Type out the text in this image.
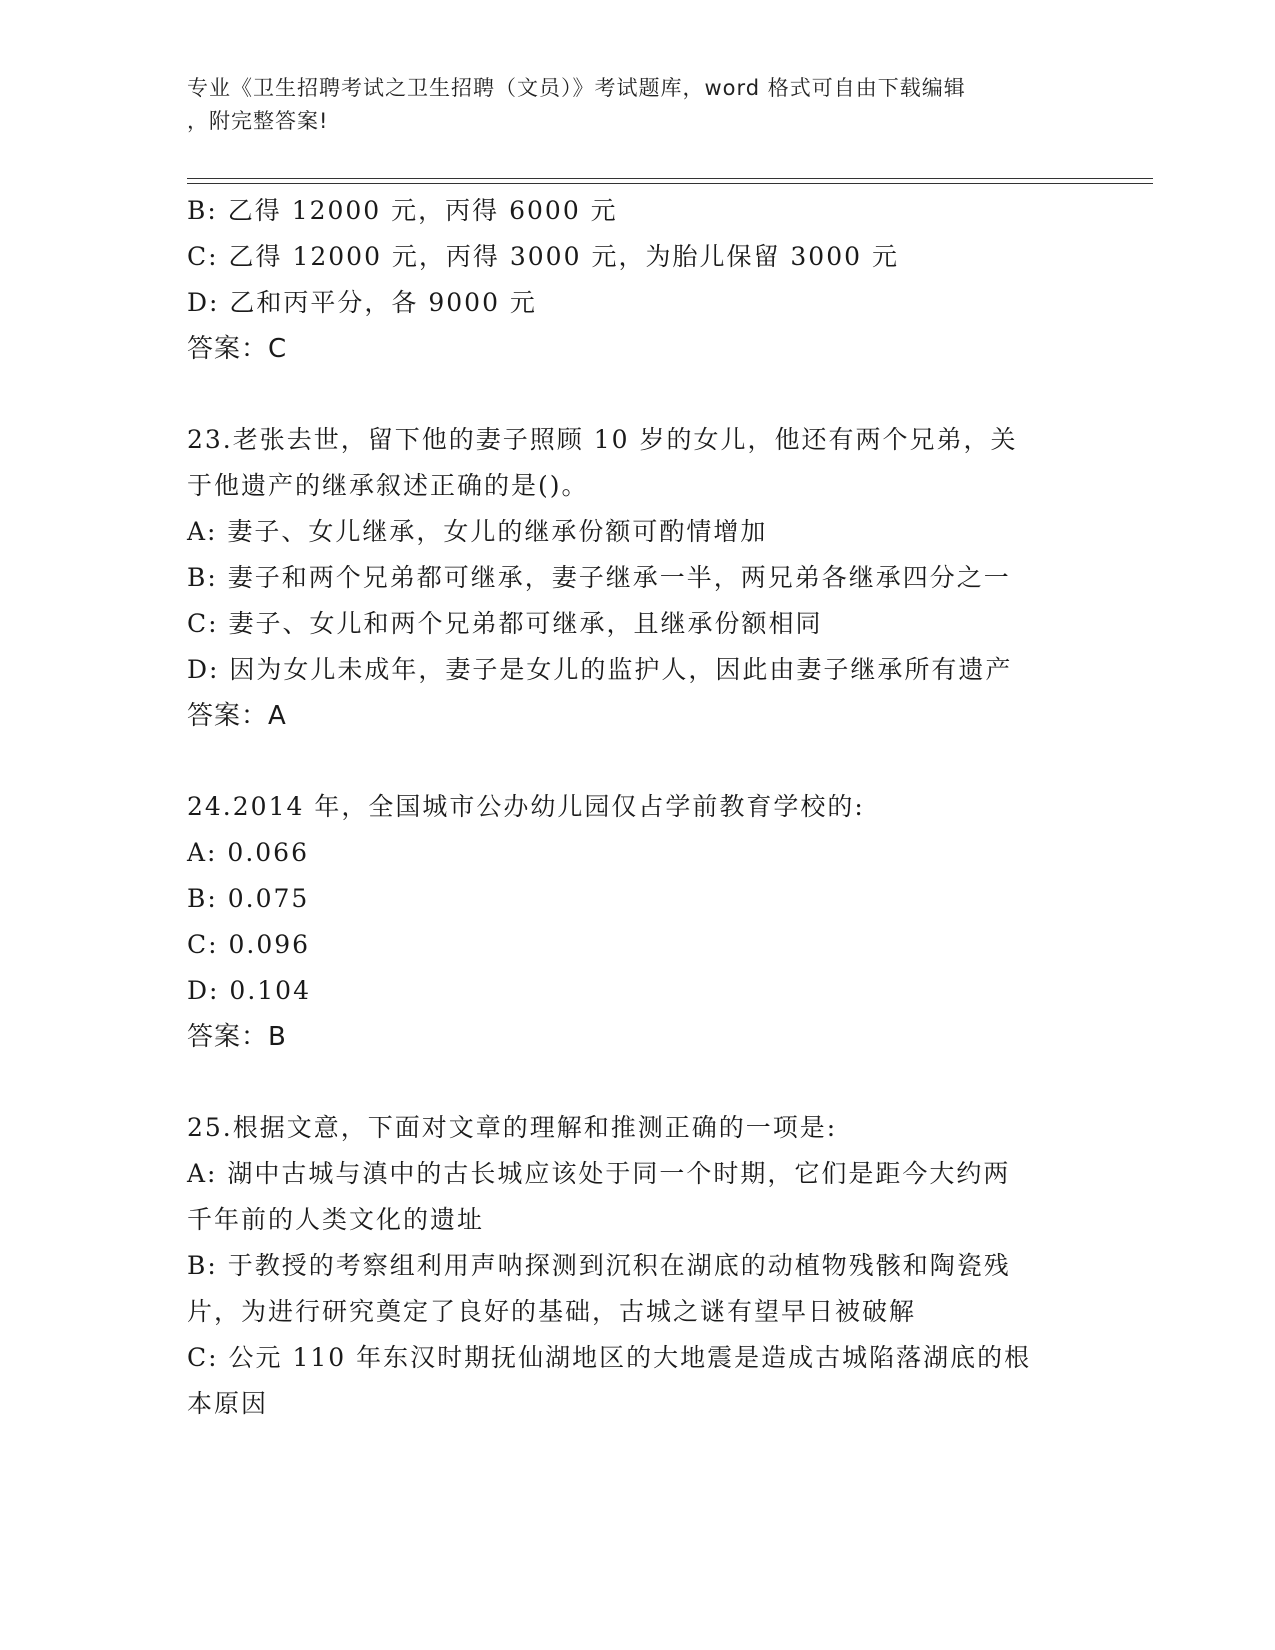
专业《卫生招聘考试之卫生招聘（文员）》考试题库，word 格式可自由下载编辑
，附完整答案!
B: 乙得 12000 元，丙得 6000 元
C: 乙得 12000 元，丙得 3000 元，为胎儿保留 3000 元
D: 乙和丙平分，各 9000 元
答案：C
23.老张去世，留下他的妻子照顾 10 岁的女儿，他还有两个兄弟，关
于他遗产的继承叙述正确的是()。
A: 妻子、女儿继承，女儿的继承份额可酌情增加
B: 妻子和两个兄弟都可继承，妻子继承一半，两兄弟各继承四分之一
C: 妻子、女儿和两个兄弟都可继承，且继承份额相同
D: 因为女儿未成年，妻子是女儿的监护人，因此由妻子继承所有遗产
答案：A
24.2014 年，全国城市公办幼儿园仅占学前教育学校的:
A: 0.066
B: 0.075
C: 0.096
D: 0.104
答案：B
25.根据文意，下面对文章的理解和推测正确的一项是:
A: 湖中古城与滇中的古长城应该处于同一个时期，它们是距今大约两
千年前的人类文化的遗址
B: 于教授的考察组利用声呐探测到沉积在湖底的动植物残骸和陶瓷残
片，为进行研究奠定了良好的基础，古城之谜有望早日被破解
C: 公元 110 年东汉时期抚仙湖地区的大地震是造成古城陷落湖底的根
本原因
